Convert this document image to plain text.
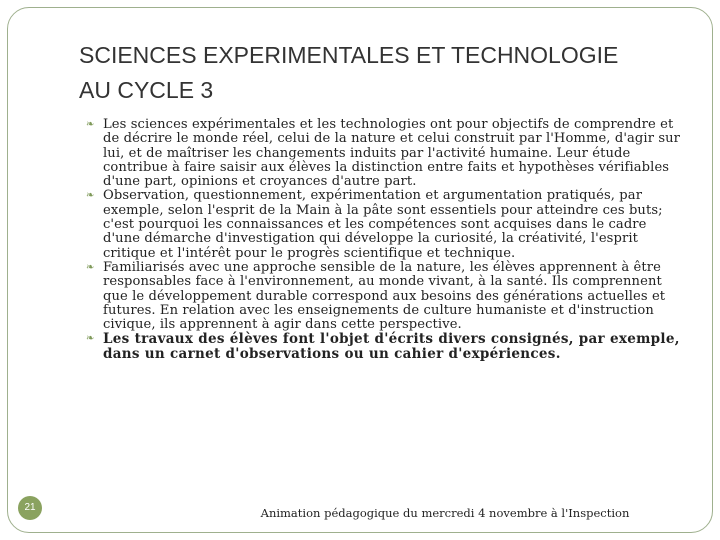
SCIENCES EXPERIMENTALES ET TECHNOLOGIE
AU CYCLE 3
❧ Les sciences expérimentales et les technologies ont pour objectifs de comprendre et de décrire le monde réel, celui de la nature et celui construit par l'Homme, d'agir sur lui, et de maîtriser les changements induits par l'activité humaine. Leur étude contribue à faire saisir aux élèves la distinction entre faits et hypothèses vérifiables d'une part, opinions et croyances d'autre part.
❧ Observation, questionnement, expérimentation et argumentation pratiqués, par exemple, selon l'esprit de la Main à la pâte sont essentiels pour atteindre ces buts; c'est pourquoi les connaissances et les compétences sont acquises dans le cadre d'une démarche d'investigation qui développe la curiosité, la créativité, l'esprit critique et l'intérêt pour le progrès scientifique et technique.
❧ Familiarisés avec une approche sensible de la nature, les élèves apprennent à être responsables face à l'environnement, au monde vivant, à la santé. Ils comprennent que le développement durable correspond aux besoins des générations actuelles et futures. En relation avec les enseignements de culture humaniste et d'instruction civique, ils apprennent à agir dans cette perspective.
❧ Les travaux des élèves font l'objet d'écrits divers consignés, par exemple, dans un carnet d'observations ou un cahier d'expériences.
21	Animation pédagogique du mercredi 4 novembre à l'Inspection
